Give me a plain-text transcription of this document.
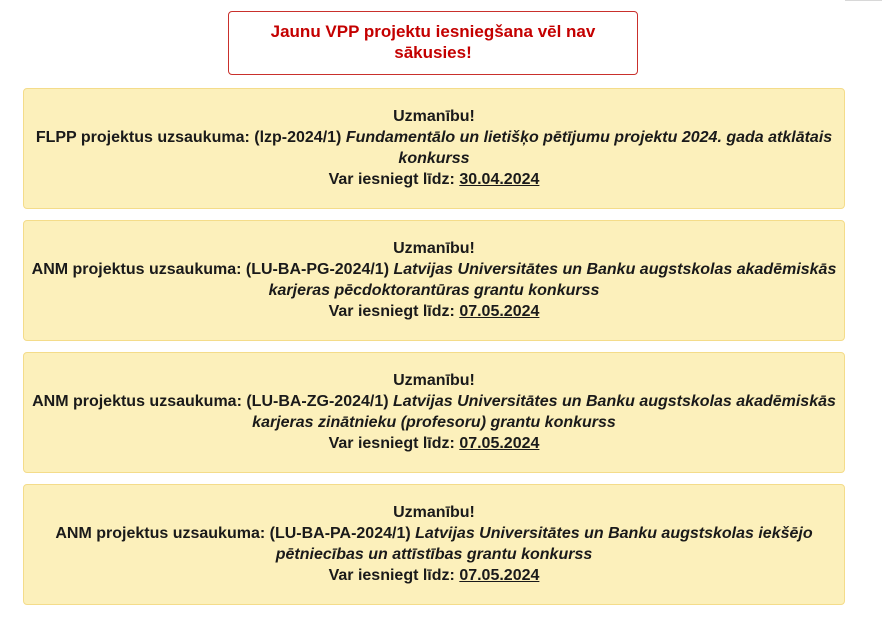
Jaunu VPP projektu iesniegšana vēl nav sākusies!
Uzmanību!
FLPP projektus uzsaukuma: (lzp-2024/1) Fundamentālo un lietišķo pētījumu projektu 2024. gada atklātais konkurss
Var iesniegt līdz: 30.04.2024
Uzmanību!
ANM projektus uzsaukuma: (LU-BA-PG-2024/1) Latvijas Universitātes un Banku augstskolas akadēmiskās karjeras pēcdoktorantūras grantu konkurss
Var iesniegt līdz: 07.05.2024
Uzmanību!
ANM projektus uzsaukuma: (LU-BA-ZG-2024/1) Latvijas Universitātes un Banku augstskolas akadēmiskās karjeras zinātnieku (profesoru) grantu konkurss
Var iesniegt līdz: 07.05.2024
Uzmanību!
ANM projektus uzsaukuma: (LU-BA-PA-2024/1) Latvijas Universitātes un Banku augstskolas iekšējo pētniecības un attīstības grantu konkurss
Var iesniegt līdz: 07.05.2024
